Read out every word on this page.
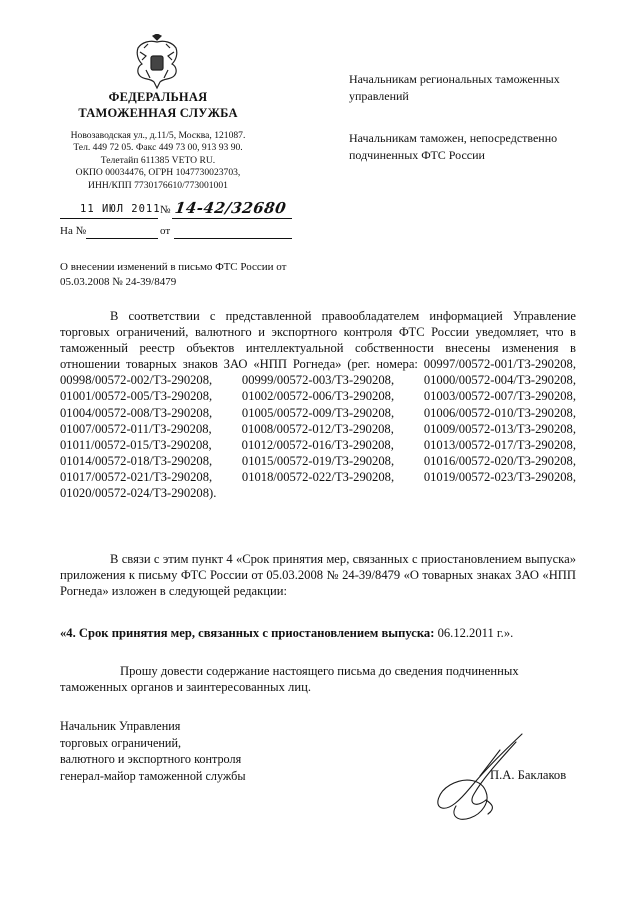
ФЕДЕРАЛЬНАЯ
ТАМОЖЕННАЯ СЛУЖБА
Новозаводская ул., д.11/5, Москва, 121087.
Тел. 449 72 05. Факс 449 73 00, 913 93 90.
Телетайп 611385 VETO RU.
ОКПО 00034476, ОГРН 1047730023703,
ИНН/КПП 7730176610/773001001
11 ИЮЛ 2011 № 14-42/32680
На №	от
О внесении изменений в письмо ФТС России от 05.03.2008 № 24-39/8479
Начальникам региональных таможенных управлений
Начальникам таможен, непосредственно подчиненных ФТС России

В соответствии с представленной правообладателем информацией Управление торговых ограничений, валютного и экспортного контроля ФТС России уведомляет, что в таможенный реестр объектов интеллектуальной собственности внесены изменения в отношении товарных знаков ЗАО «НПП Рогнеда» (рег. номера: 00997/00572-001/ТЗ-290208, 00998/00572-002/ТЗ-290208, 00999/00572-003/ТЗ-290208, 01000/00572-004/ТЗ-290208, 01001/00572-005/ТЗ-290208, 01002/00572-006/ТЗ-290208, 01003/00572-007/ТЗ-290208, 01004/00572-008/ТЗ-290208, 01005/00572-009/ТЗ-290208, 01006/00572-010/ТЗ-290208, 01007/00572-011/ТЗ-290208, 01008/00572-012/ТЗ-290208, 01009/00572-013/ТЗ-290208, 01011/00572-015/ТЗ-290208, 01012/00572-016/ТЗ-290208, 01013/00572-017/ТЗ-290208, 01014/00572-018/ТЗ-290208, 01015/00572-019/ТЗ-290208, 01016/00572-020/ТЗ-290208, 01017/00572-021/ТЗ-290208, 01018/00572-022/ТЗ-290208, 01019/00572-023/ТЗ-290208, 01020/00572-024/ТЗ-290208).

В связи с этим пункт 4 «Срок принятия мер, связанных с приостановлением выпуска» приложения к письму ФТС России от 05.03.2008 № 24-39/8479 «О товарных знаках ЗАО «НПП Рогнеда» изложен в следующей редакции:

«4. Срок принятия мер, связанных с приостановлением выпуска: 06.12.2011 г.».

Прошу довести содержание настоящего письма до сведения подчиненных таможенных органов и заинтересованных лиц.

Начальник Управления
торговых ограничений,
валютного и экспортного контроля
генерал-майор таможенной службы	П.А. Баклаков
